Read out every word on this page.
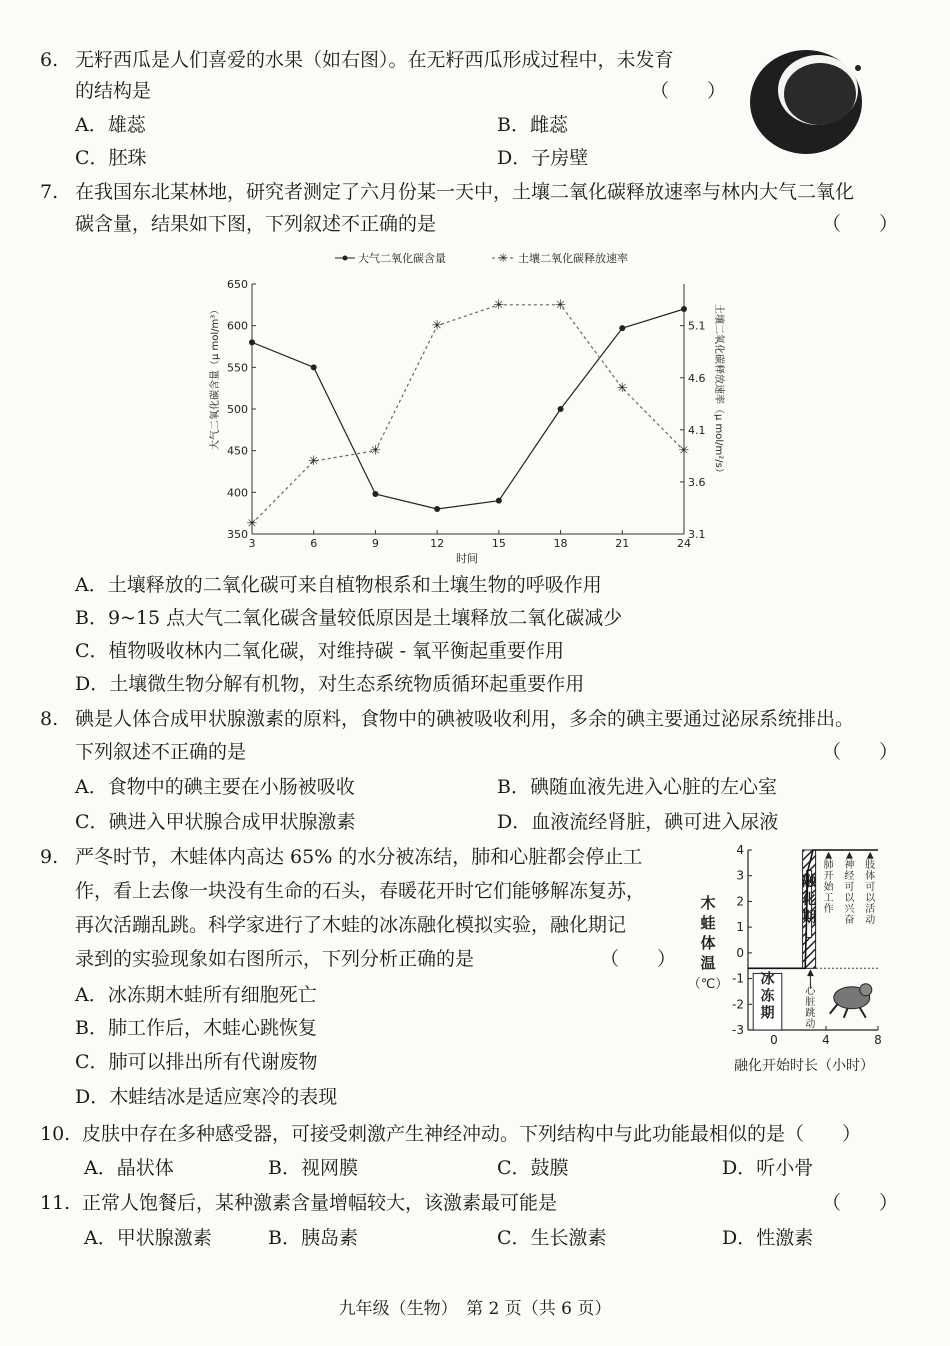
6. 无籽西瓜是人们喜爱的水果（如右图）。在无籽西瓜形成过程中，未发育
的结构是	（　　）
A．雄蕊	B．雌蕊
C．胚珠	D．子房壁
7. 在我国东北某林地，研究者测定了六月份某一天中，土壤二氧化碳释放速率与林内大气二氧化
碳含量，结果如下图，下列叙述不正确的是	（　　）
大气二氧化碳含量	土壤二氧化碳释放速率
大气二氧化碳含量（μ mol/m³）	土壤二氧化碳释放速率（μ mol/m²/s）
时间
350
400
450
500
550
600
650
3.1
3.6
4.1
4.6
5.1
3	6	9	12	15	18	21	24
✳
✳
✳
✳
✳
✳	✳
✳
✳
A．土壤释放的二氧化碳可来自植物根系和土壤生物的呼吸作用
B．9~15 点大气二氧化碳含量较低原因是土壤释放二氧化碳减少
C．植物吸收林内二氧化碳，对维持碳 - 氧平衡起重要作用
D．土壤微生物分解有机物，对生态系统物质循环起重要作用
8. 碘是人体合成甲状腺激素的原料，食物中的碘被吸收利用，多余的碘主要通过泌尿系统排出。
下列叙述不正确的是	（　　）
A．食物中的碘主要在小肠被吸收	B．碘随血液先进入心脏的左心室
C．碘进入甲状腺合成甲状腺激素	D．血液流经肾脏，碘可进入尿液
9. 严冬时节，木蛙体内高达 65% 的水分被冻结，肺和心脏都会停止工
作，看上去像一块没有生命的石头，春暖花开时它们能够解冻复苏，
再次活蹦乱跳。科学家进行了木蛙的冰冻融化模拟实验，融化期记
录到的实验现象如右图所示，下列分析正确的是	（　　）
A．冰冻期木蛙所有细胞死亡
B．肺工作后，木蛙心跳恢复
C．肺可以排出所有代谢废物
D．木蛙结冰是适应寒冷的表现
融化开始时长（小时）
木
蛙
体
温
（℃）
4
3
2
1
0
-1
-2
-3
0	4	8
融
化
期
冰
冻
期
▲
心
脏
跳
动
▲
肺
开
始
工
作
▲
神
经
可
以
兴
奋
▲
肢
体
可
以
活
动
10. 皮肤中存在多种感受器，可接受刺激产生神经冲动。下列结构中与此功能最相似的是（　　）
A．晶状体	B．视网膜	C．鼓膜	D．听小骨
11. 正常人饱餐后，某种激素含量增幅较大，该激素最可能是	（　　）
A．甲状腺激素	B．胰岛素	C．生长激素	D．性激素
九年级（生物）　第 2 页（共 6 页）
